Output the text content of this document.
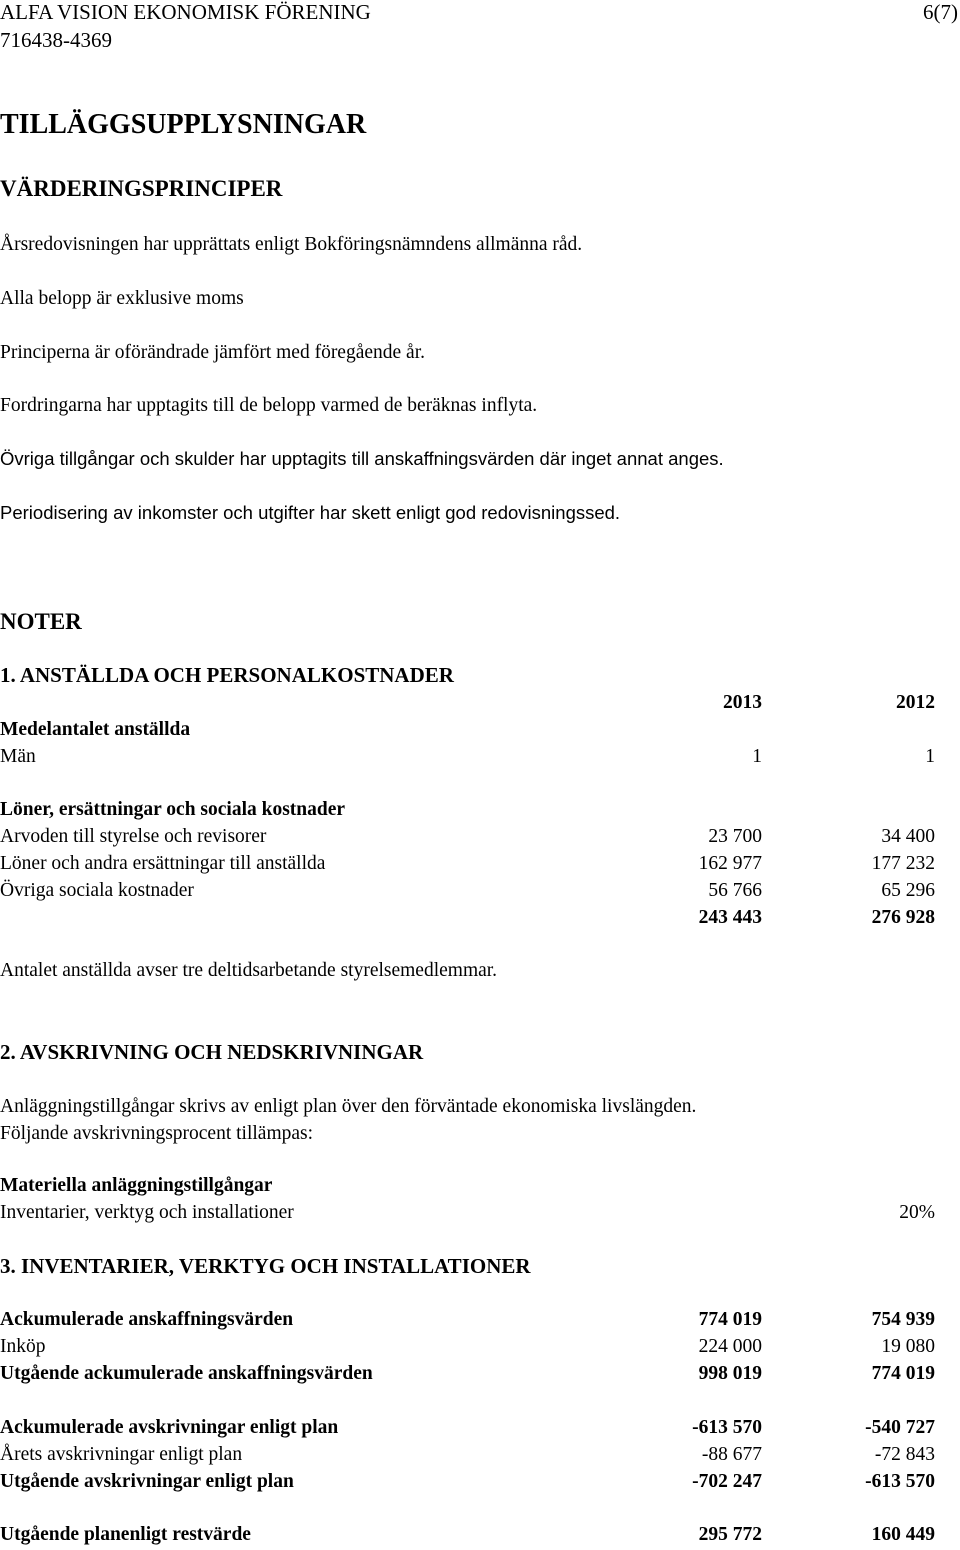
ALFA VISION EKONOMISK FÖRENING
716438-4369
6(7)
TILLÄGGSUPPLYSNINGAR
VÄRDERINGSPRINCIPER
Årsredovisningen har upprättats enligt Bokföringsnämndens allmänna råd.
Alla belopp är exklusive moms
Principerna är oförändrade jämfört med föregående år.
Fordringarna har upptagits till de belopp varmed de beräknas inflyta.
Övriga tillgångar och skulder har upptagits till anskaffningsvärden där inget annat anges.
Periodisering av inkomster och utgifter har skett enligt god redovisningssed.
NOTER
1. ANSTÄLLDA OCH PERSONALKOSTNADER
2013	2012
Medelantalet anställda
Män	1	1
Löner, ersättningar och sociala kostnader
Arvoden till styrelse och revisorer	23 700	34 400
Löner och andra ersättningar till anställda	162 977	177 232
Övriga sociala kostnader	56 766	65 296
243 443	276 928
Antalet anställda avser tre deltidsarbetande styrelsemedlemmar.
2. AVSKRIVNING OCH NEDSKRIVNINGAR
Anläggningstillgångar skrivs av enligt plan över den förväntade ekonomiska livslängden.
Följande avskrivningsprocent tillämpas:
Materiella anläggningstillgångar
Inventarier, verktyg och installationer	20%
3. INVENTARIER, VERKTYG OCH INSTALLATIONER
Ackumulerade anskaffningsvärden	774 019	754 939
Inköp	224 000	19 080
Utgående ackumulerade anskaffningsvärden	998 019	774 019
Ackumulerade avskrivningar enligt plan	-613 570	-540 727
Årets avskrivningar enligt plan	-88 677	-72 843
Utgående avskrivningar enligt plan	-702 247	-613 570
Utgående planenligt restvärde	295 772	160 449
